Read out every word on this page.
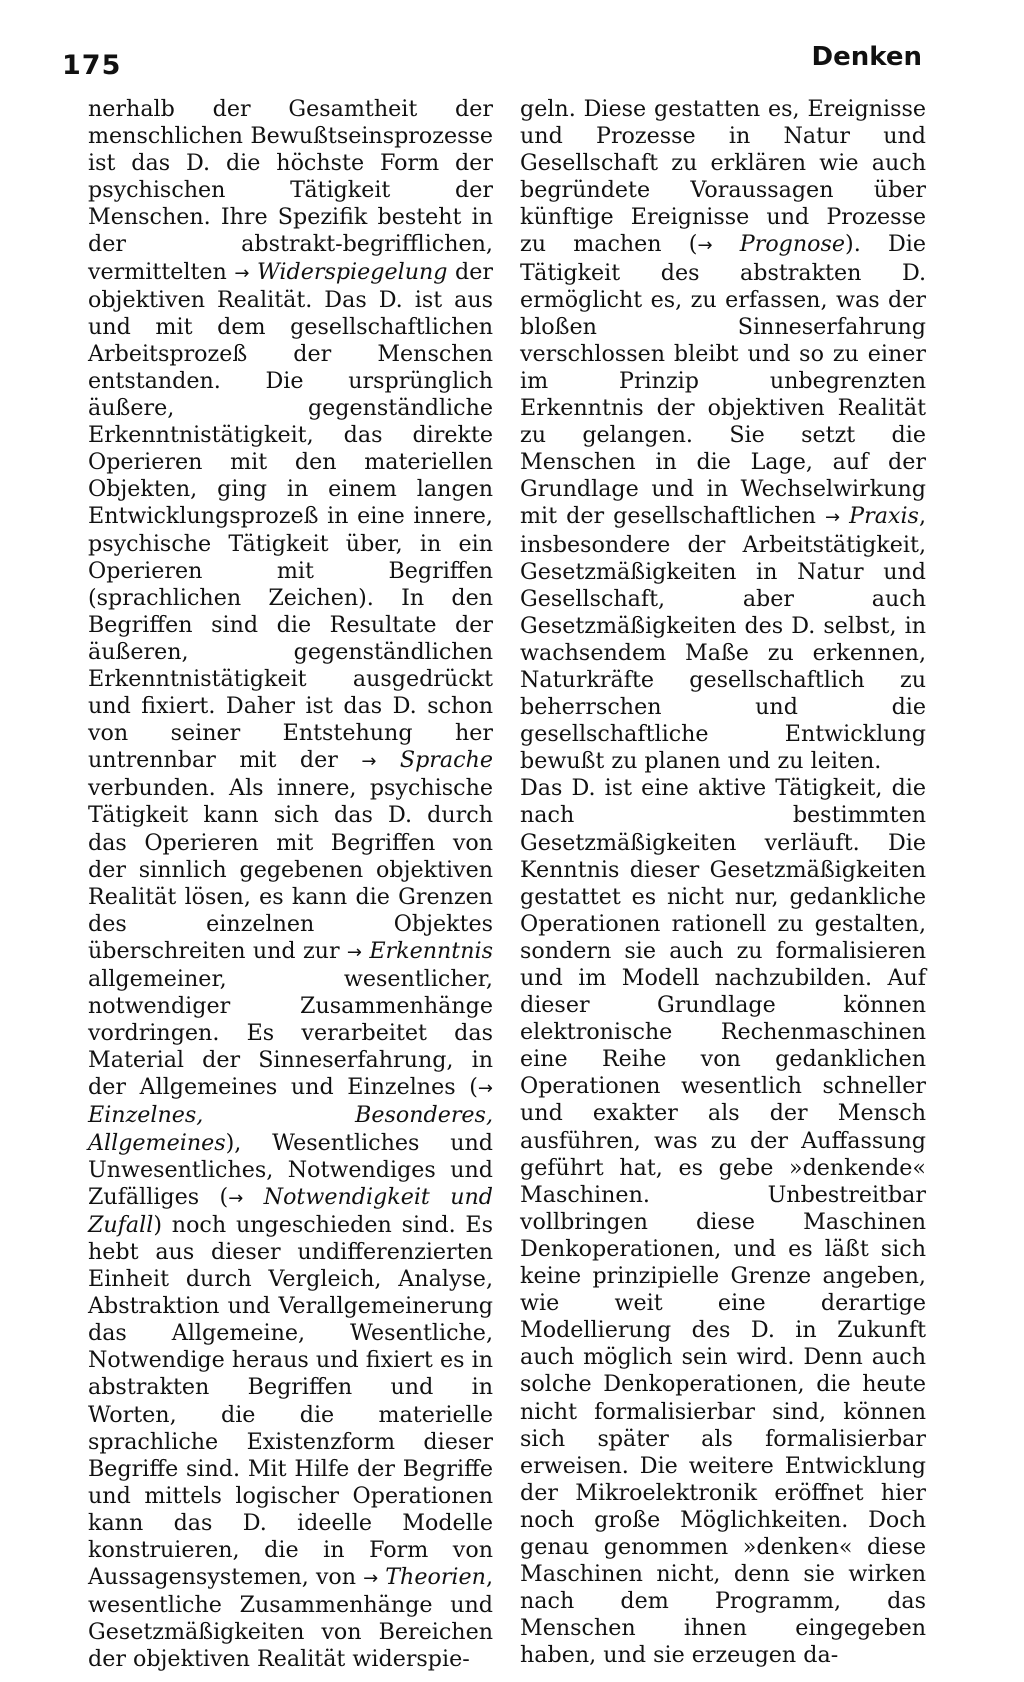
175	Denken

nerhalb der Gesamtheit der menschlichen Bewußtseinsprozesse ist das D. die höchste Form der psychischen Tätigkeit der Menschen. Ihre Spezifik besteht in der abstrakt-begrifflichen, vermittelten → Widerspiegelung der objektiven Realität. Das D. ist aus und mit dem gesellschaftlichen Arbeitsprozeß der Menschen entstanden. Die ursprünglich äußere, gegenständliche Erkenntnistätigkeit, das direkte Operieren mit den materiellen Objekten, ging in einem langen Entwicklungsprozeß in eine innere, psychische Tätigkeit über, in ein Operieren mit Begriffen (sprachlichen Zeichen). In den Begriffen sind die Resultate der äußeren, gegenständlichen Erkenntnistätigkeit ausgedrückt und fixiert. Daher ist das D. schon von seiner Entstehung her untrennbar mit der → Sprache verbunden. Als innere, psychische Tätigkeit kann sich das D. durch das Operieren mit Begriffen von der sinnlich gegebenen objektiven Realität lösen, es kann die Grenzen des einzelnen Objektes überschreiten und zur → Erkenntnis allgemeiner, wesentlicher, notwendiger Zusammenhänge vordringen. Es verarbeitet das Material der Sinneserfahrung, in der Allgemeines und Einzelnes (→ Einzelnes, Besonderes, Allgemeines), Wesentliches und Unwesentliches, Notwendiges und Zufälliges (→ Notwendigkeit und Zufall) noch ungeschieden sind. Es hebt aus dieser undifferenzierten Einheit durch Vergleich, Analyse, Abstraktion und Verallgemeinerung das Allgemeine, Wesentliche, Notwendige heraus und fixiert es in abstrakten Begriffen und in Worten, die die materielle sprachliche Existenzform dieser Begriffe sind. Mit Hilfe der Begriffe und mittels logischer Operationen kann das D. ideelle Modelle konstruieren, die in Form von Aussagensystemen, von → Theorien, wesentliche Zusammenhänge und Gesetzmäßigkeiten von Bereichen der objektiven Realität widerspie-

geln. Diese gestatten es, Ereignisse und Prozesse in Natur und Gesellschaft zu erklären wie auch begründete Voraussagen über künftige Ereignisse und Prozesse zu machen (→ Prognose). Die Tätigkeit des abstrakten D. ermöglicht es, zu erfassen, was der bloßen Sinneserfahrung verschlossen bleibt und so zu einer im Prinzip unbegrenzten Erkenntnis der objektiven Realität zu gelangen. Sie setzt die Menschen in die Lage, auf der Grundlage und in Wechselwirkung mit der gesellschaftlichen → Praxis, insbesondere der Arbeitstätigkeit, Gesetzmäßigkeiten in Natur und Gesellschaft, aber auch Gesetzmäßigkeiten des D. selbst, in wachsendem Maße zu erkennen, Naturkräfte gesellschaftlich zu beherrschen und die gesellschaftliche Entwicklung bewußt zu planen und zu leiten.

Das D. ist eine aktive Tätigkeit, die nach bestimmten Gesetzmäßigkeiten verläuft. Die Kenntnis dieser Gesetzmäßigkeiten gestattet es nicht nur, gedankliche Operationen rationell zu gestalten, sondern sie auch zu formalisieren und im Modell nachzubilden. Auf dieser Grundlage können elektronische Rechenmaschinen eine Reihe von gedanklichen Operationen wesentlich schneller und exakter als der Mensch ausführen, was zu der Auffassung geführt hat, es gebe »denkende« Maschinen. Unbestreitbar vollbringen diese Maschinen Denkoperationen, und es läßt sich keine prinzipielle Grenze angeben, wie weit eine derartige Modellierung des D. in Zukunft auch möglich sein wird. Denn auch solche Denkoperationen, die heute nicht formalisierbar sind, können sich später als formalisierbar erweisen. Die weitere Entwicklung der Mikroelektronik eröffnet hier noch große Möglichkeiten. Doch genau genommen »denken« diese Maschinen nicht, denn sie wirken nach dem Programm, das Menschen ihnen eingegeben haben, und sie erzeugen da-
